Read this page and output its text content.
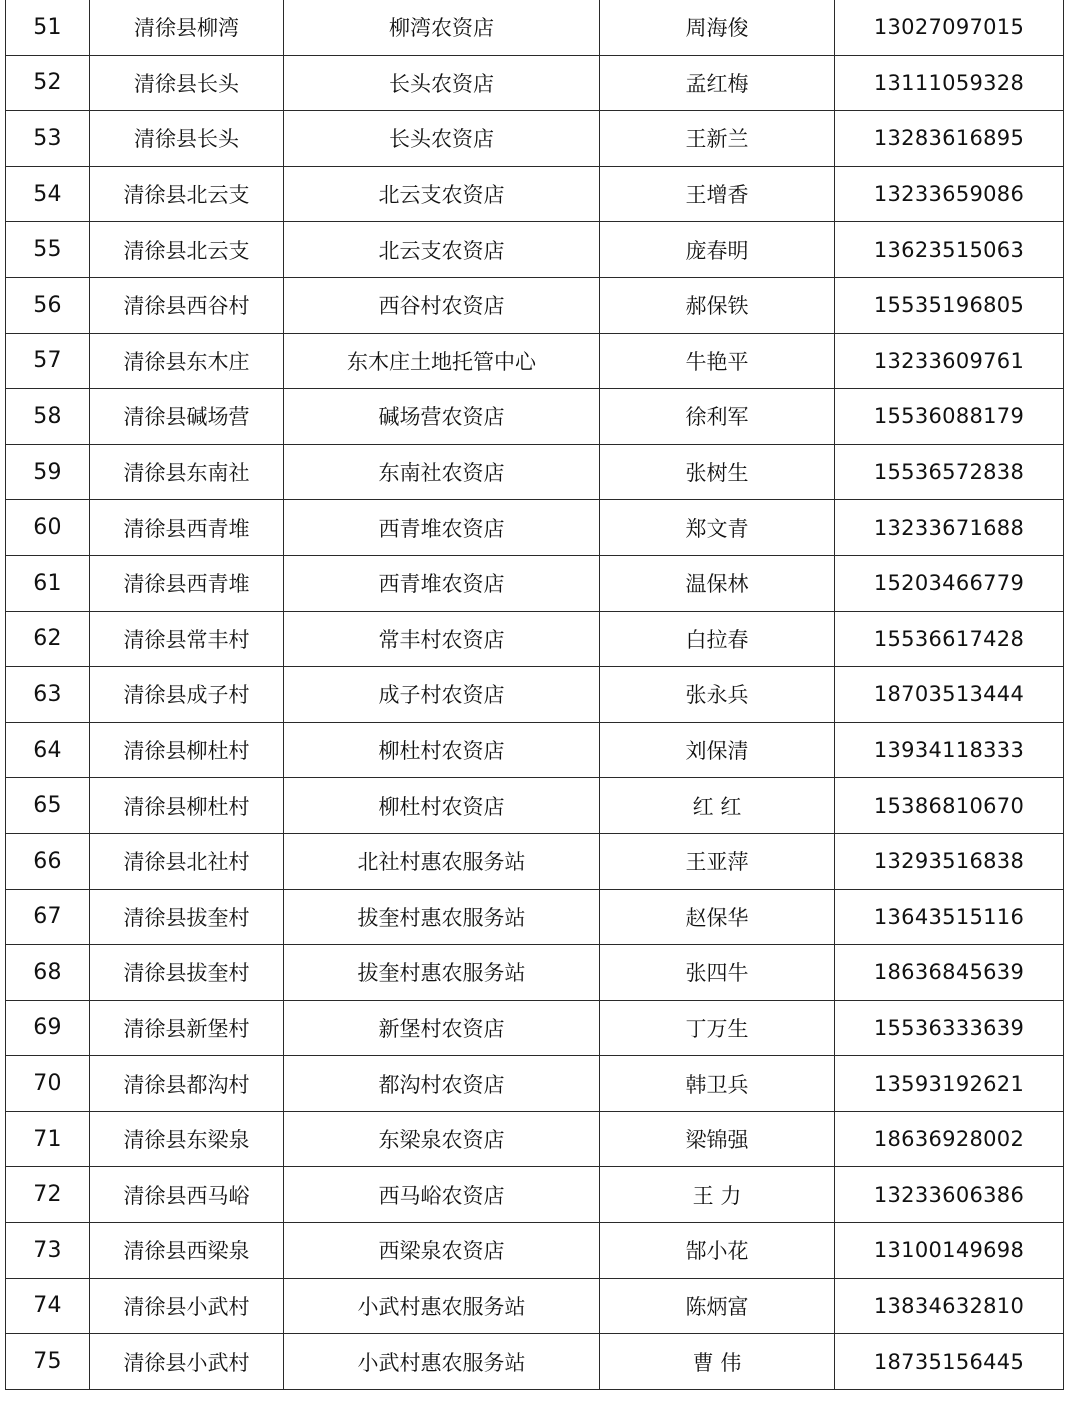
51	清徐县柳湾	柳湾农资店	周海俊	13027097015
52	清徐县长头	长头农资店	孟红梅	13111059328
53	清徐县长头	长头农资店	王新兰	13283616895
54	清徐县北云支	北云支农资店	王增香	13233659086
55	清徐县北云支	北云支农资店	庞春明	13623515063
56	清徐县西谷村	西谷村农资店	郝保铁	15535196805
57	清徐县东木庄	东木庄土地托管中心	牛艳平	13233609761
58	清徐县碱场营	碱场营农资店	徐利军	15536088179
59	清徐县东南社	东南社农资店	张树生	15536572838
60	清徐县西青堆	西青堆农资店	郑文青	13233671688
61	清徐县西青堆	西青堆农资店	温保林	15203466779
62	清徐县常丰村	常丰村农资店	白拉春	15536617428
63	清徐县成子村	成子村农资店	张永兵	18703513444
64	清徐县柳杜村	柳杜村农资店	刘保清	13934118333
65	清徐县柳杜村	柳杜村农资店	红 红	15386810670
66	清徐县北社村	北社村惠农服务站	王亚萍	13293516838
67	清徐县拔奎村	拔奎村惠农服务站	赵保华	13643515116
68	清徐县拔奎村	拔奎村惠农服务站	张四牛	18636845639
69	清徐县新堡村	新堡村农资店	丁万生	15536333639
70	清徐县都沟村	都沟村农资店	韩卫兵	13593192621
71	清徐县东梁泉	东梁泉农资店	梁锦强	18636928002
72	清徐县西马峪	西马峪农资店	王 力	13233606386
73	清徐县西梁泉	西梁泉农资店	郜小花	13100149698
74	清徐县小武村	小武村惠农服务站	陈炳富	13834632810
75	清徐县小武村	小武村惠农服务站	曹 伟	18735156445
